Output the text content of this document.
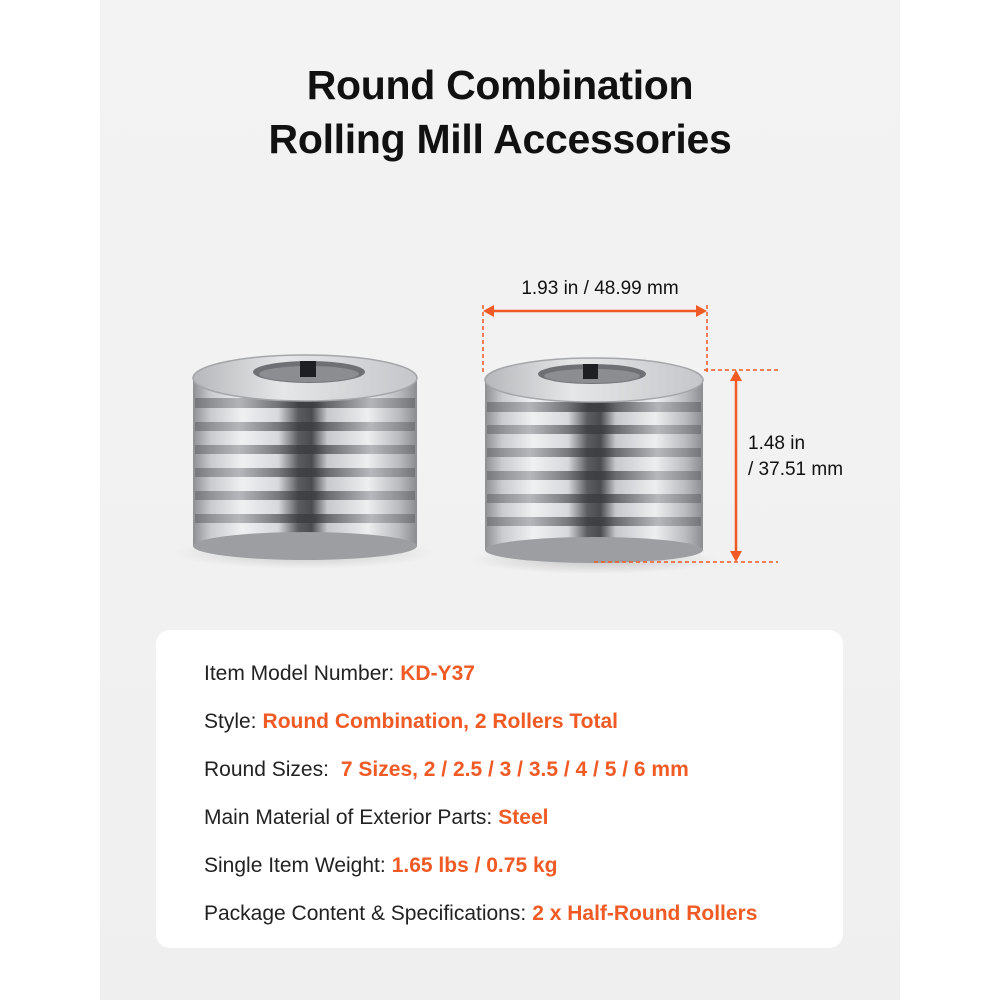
Round Combination
Rolling Mill Accessories
1.93 in / 48.99 mm
1.48 in
/ 37.51 mm
Item Model Number: KD-Y37
Style: Round Combination, 2 Rollers Total
Round Sizes: 7 Sizes, 2 / 2.5 / 3 / 3.5 / 4 / 5 / 6 mm
Main Material of Exterior Parts: Steel
Single Item Weight: 1.65 lbs / 0.75 kg
Package Content & Specifications: 2 x Half-Round Rollers
